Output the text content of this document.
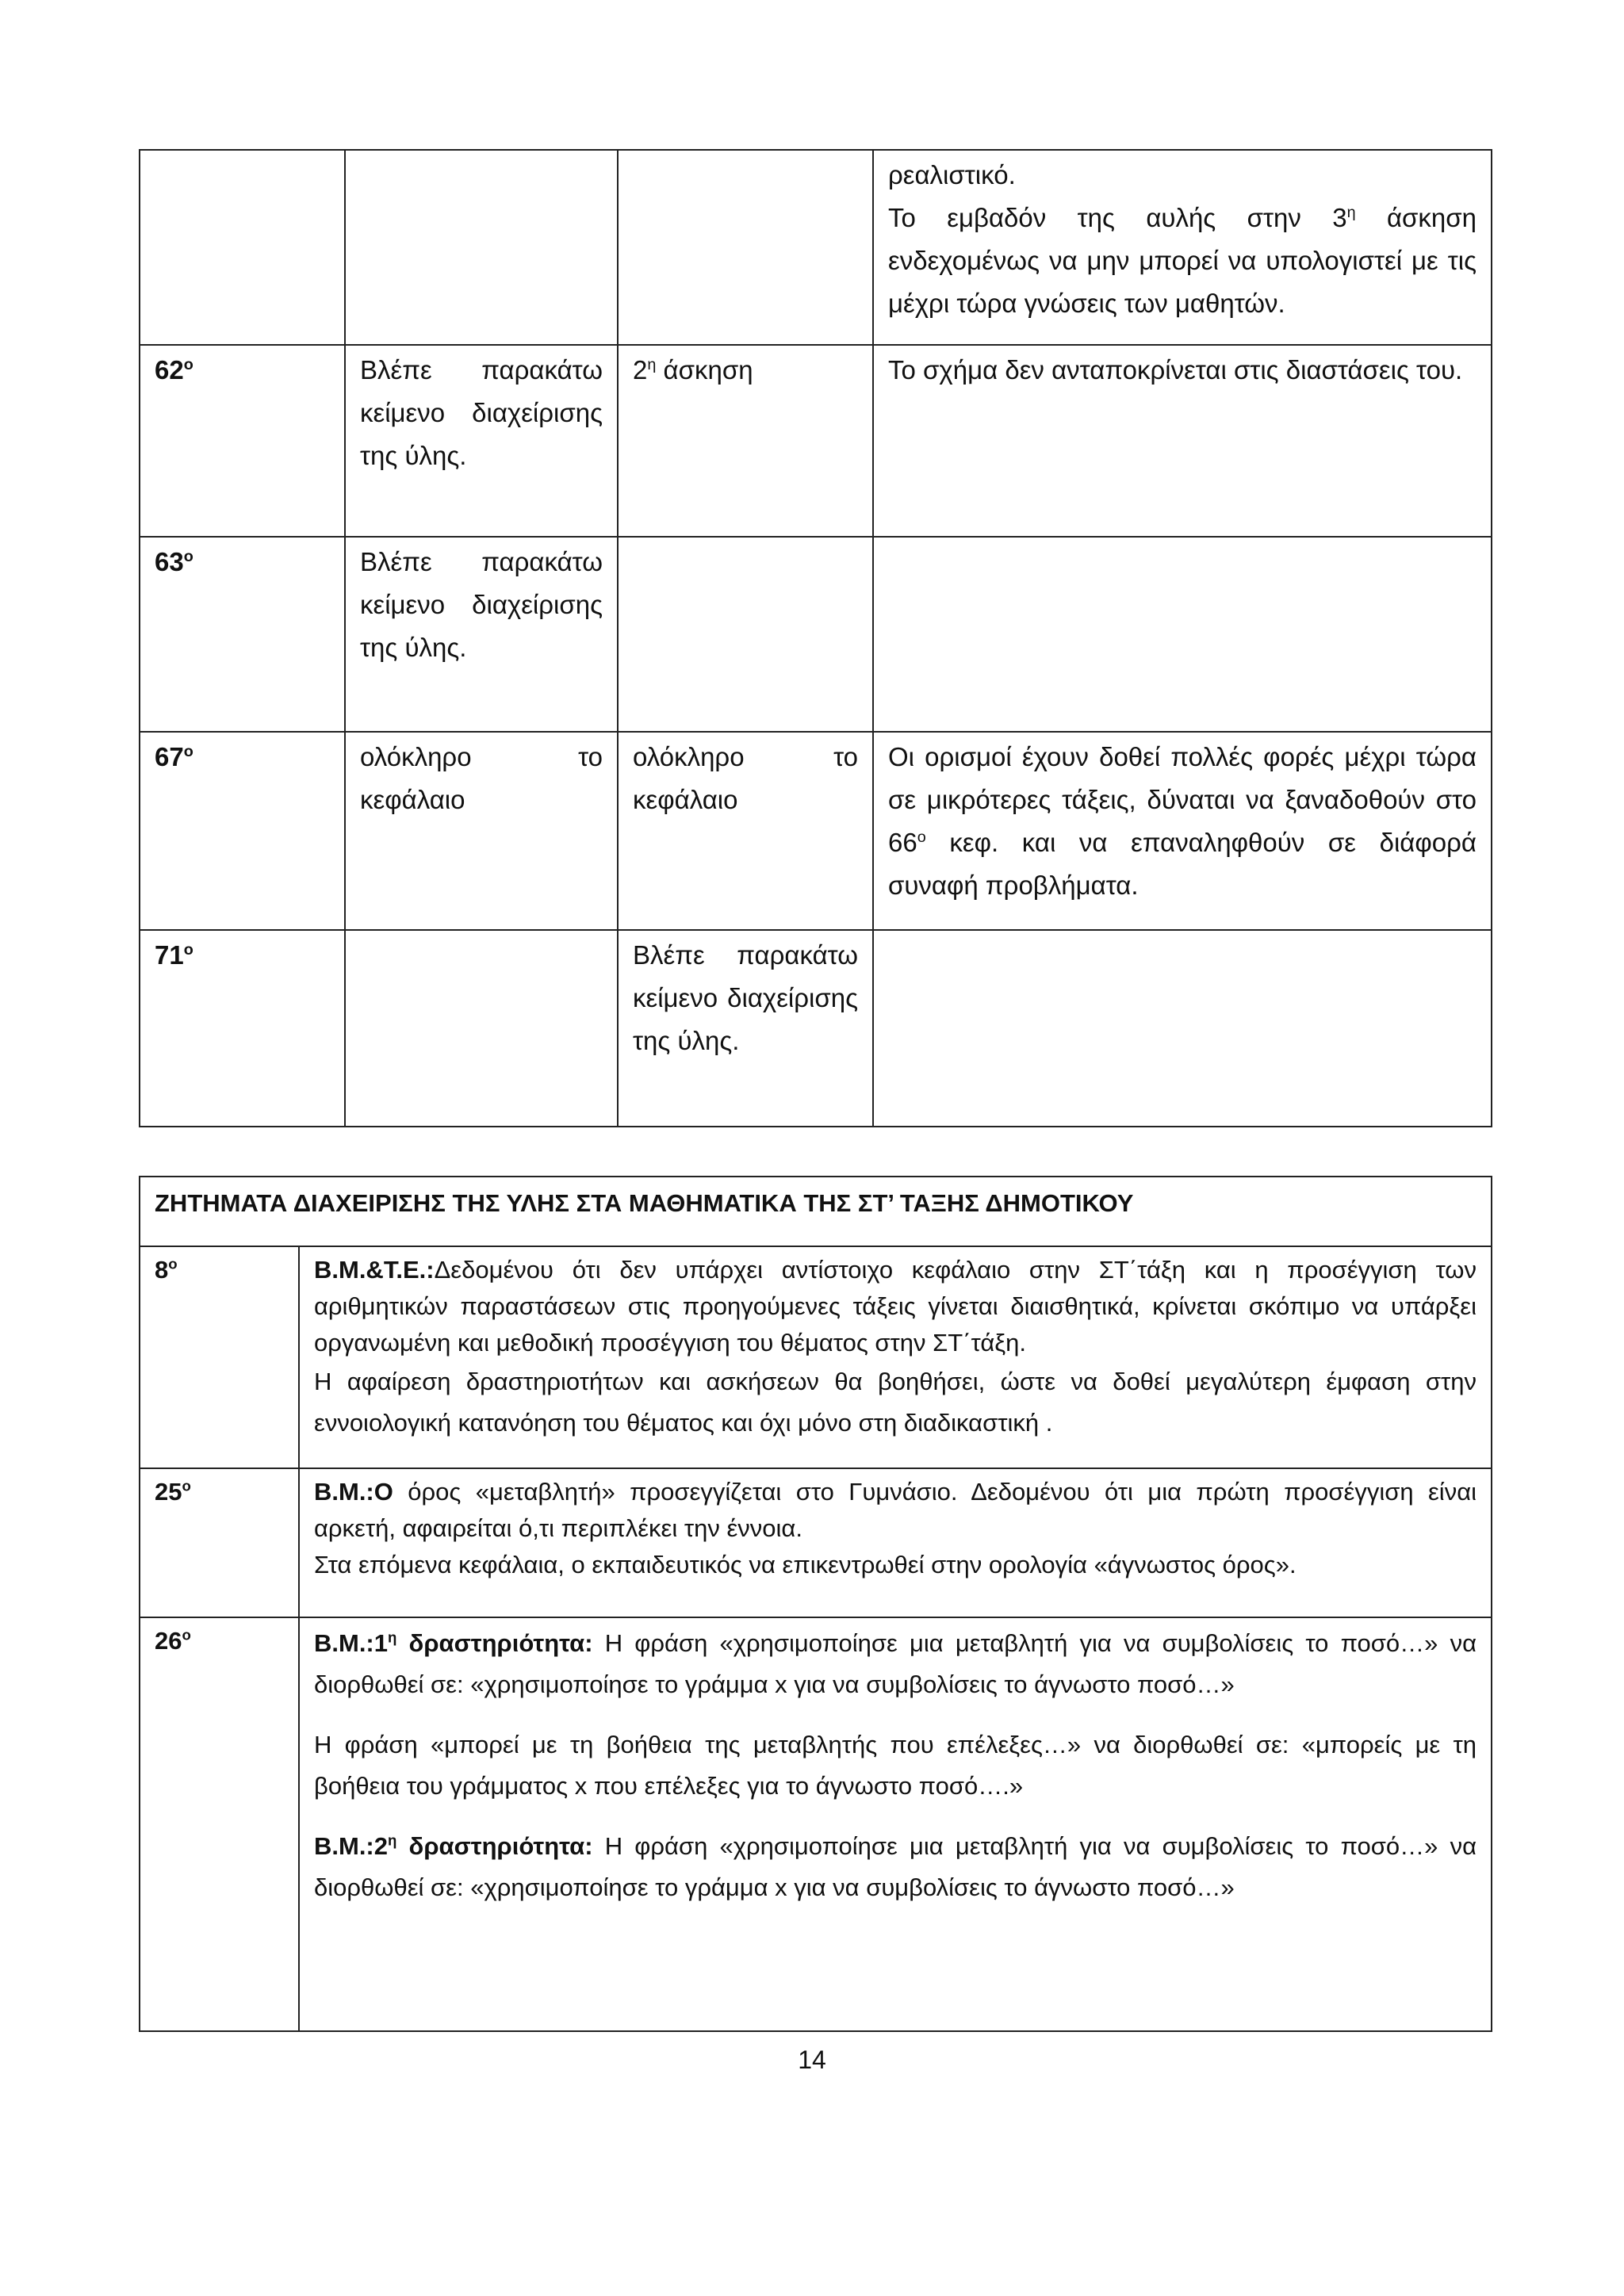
			ρεαλιστικό.
Το εμβαδόν της αυλής στην $3^\eta$ άσκηση ενδεχομένως να μην μπορεί να υπολογιστεί με τις μέχρι τώρα γνώσεις των μαθητών.
$62^o$	Βλέπε παρακάτω κείμενο διαχείρισης της ύλης.	$2^\eta$ άσκηση	Το σχήμα δεν ανταποκρίνεται στις διαστάσεις του.
$63^o$	Βλέπε παρακάτω κείμενο διαχείρισης της ύλης.		
$67^o$	ολόκληρο το κεφάλαιο	ολόκληρο το κεφάλαιο	Οι ορισμοί έχουν δοθεί πολλές φορές μέχρι τώρα σε μικρότερες τάξεις, δύναται να ξαναδοθούν στο $66^o$ κεφ. και να επαναληφθούν σε διάφορά συναφή προβλήματα.
$71^o$		Βλέπε παρακάτω κείμενο διαχείρισης της ύλης.	
ΖΗΤΗΜΑΤΑ ΔΙΑΧΕΙΡΙΣΗΣ ΤΗΣ ΥΛΗΣ ΣΤΑ ΜΑΘΗΜΑΤΙΚΑ ΤΗΣ ΣΤ’ ΤΑΞΗΣ ΔΗΜΟΤΙΚΟΥ	
$8^o$	Β.Μ.&Τ.Ε.:Δεδομένου ότι δεν υπάρχει αντίστοιχο κεφάλαιο στην ΣΤ΄τάξη και η προσέγγιση των αριθμητικών παραστάσεων στις προηγούμενες τάξεις γίνεται διαισθητικά, κρίνεται σκόπιμο να υπάρξει οργανωμένη και μεθοδική προσέγγιση του θέματος στην ΣΤ΄τάξη.

Η αφαίρεση δραστηριοτήτων και ασκήσεων θα βοηθήσει, ώστε να δοθεί μεγαλύτερη έμφαση στην εννοιολογική κατανόηση του θέματος και όχι μόνο στη διαδικαστική .

$25^o$	Β.Μ.:Ο όρος «μεταβλητή» προσεγγίζεται στο Γυμνάσιο. Δεδομένου ότι μια πρώτη προσέγγιση είναι αρκετή, αφαιρείται ό,τι περιπλέκει την έννοια.

Στα επόμενα κεφάλαια, ο εκπαιδευτικός να επικεντρωθεί στην ορολογία «άγνωστος όρος».

$26^o$	$B.M.:1^\eta$ δραστηριότητα: Η φράση «χρησιμοποίησε μια μεταβλητή για να συμβολίσεις το ποσό…» να διορθωθεί σε: «χρησιμοποίησε το γράμμα x για να συμβολίσεις το άγνωστο ποσό…»

Η φράση «μπορεί με τη βοήθεια της μεταβλητής που επέλεξες…» να διορθωθεί σε: «μπορείς με τη βοήθεια του γράμματος x που επέλεξες για το άγνωστο ποσό….»

$B.M.:2^\eta$ δραστηριότητα: Η φράση «χρησιμοποίησε μια μεταβλητή για να συμβολίσεις το ποσό…» να διορθωθεί σε: «χρησιμοποίησε το γράμμα x για να συμβολίσεις το άγνωστο ποσό…»

14
